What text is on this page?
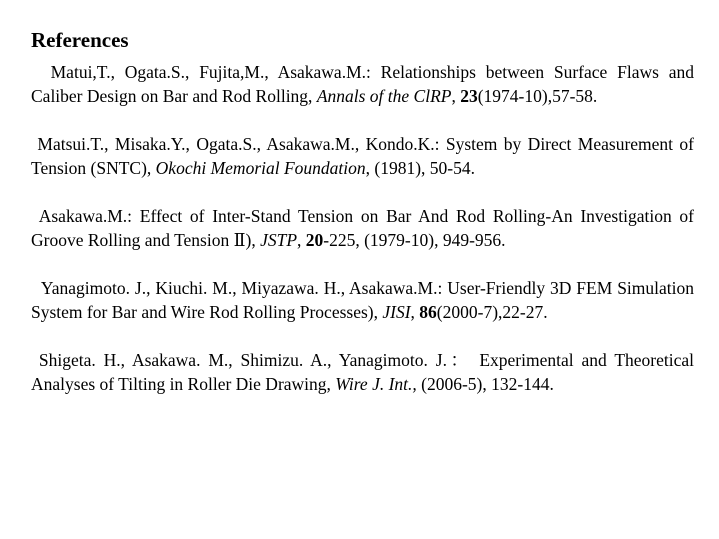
References

Matui,T., Ogata.S., Fujita,M., Asakawa.M.: Relationships between Surface Flaws and Caliber Design on Bar and Rod Rolling, Annals of the ClRP, 23(1974-10),57-58.

Matsui.T., Misaka.Y., Ogata.S., Asakawa.M., Kondo.K.: System by Direct Measurement of Tension (SNTC), Okochi Memorial Foundation, (1981), 50-54.

Asakawa.M.: Effect of Inter-Stand Tension on Bar And Rod Rolling-An Investigation of Groove Rolling and Tension Ⅱ), JSTP, 20-225, (1979-10), 949-956.

Yanagimoto. J., Kiuchi. M., Miyazawa. H., Asakawa.M.: User-Friendly 3D FEM Simulation System for Bar and Wire Rod Rolling Processes), JISI, 86(2000-7),22-27.

Shigeta. H., Asakawa. M., Shimizu. A., Yanagimoto. J.： Experimental and Theoretical Analyses of Tilting in Roller Die Drawing, Wire J. Int., (2006-5), 132-144.
